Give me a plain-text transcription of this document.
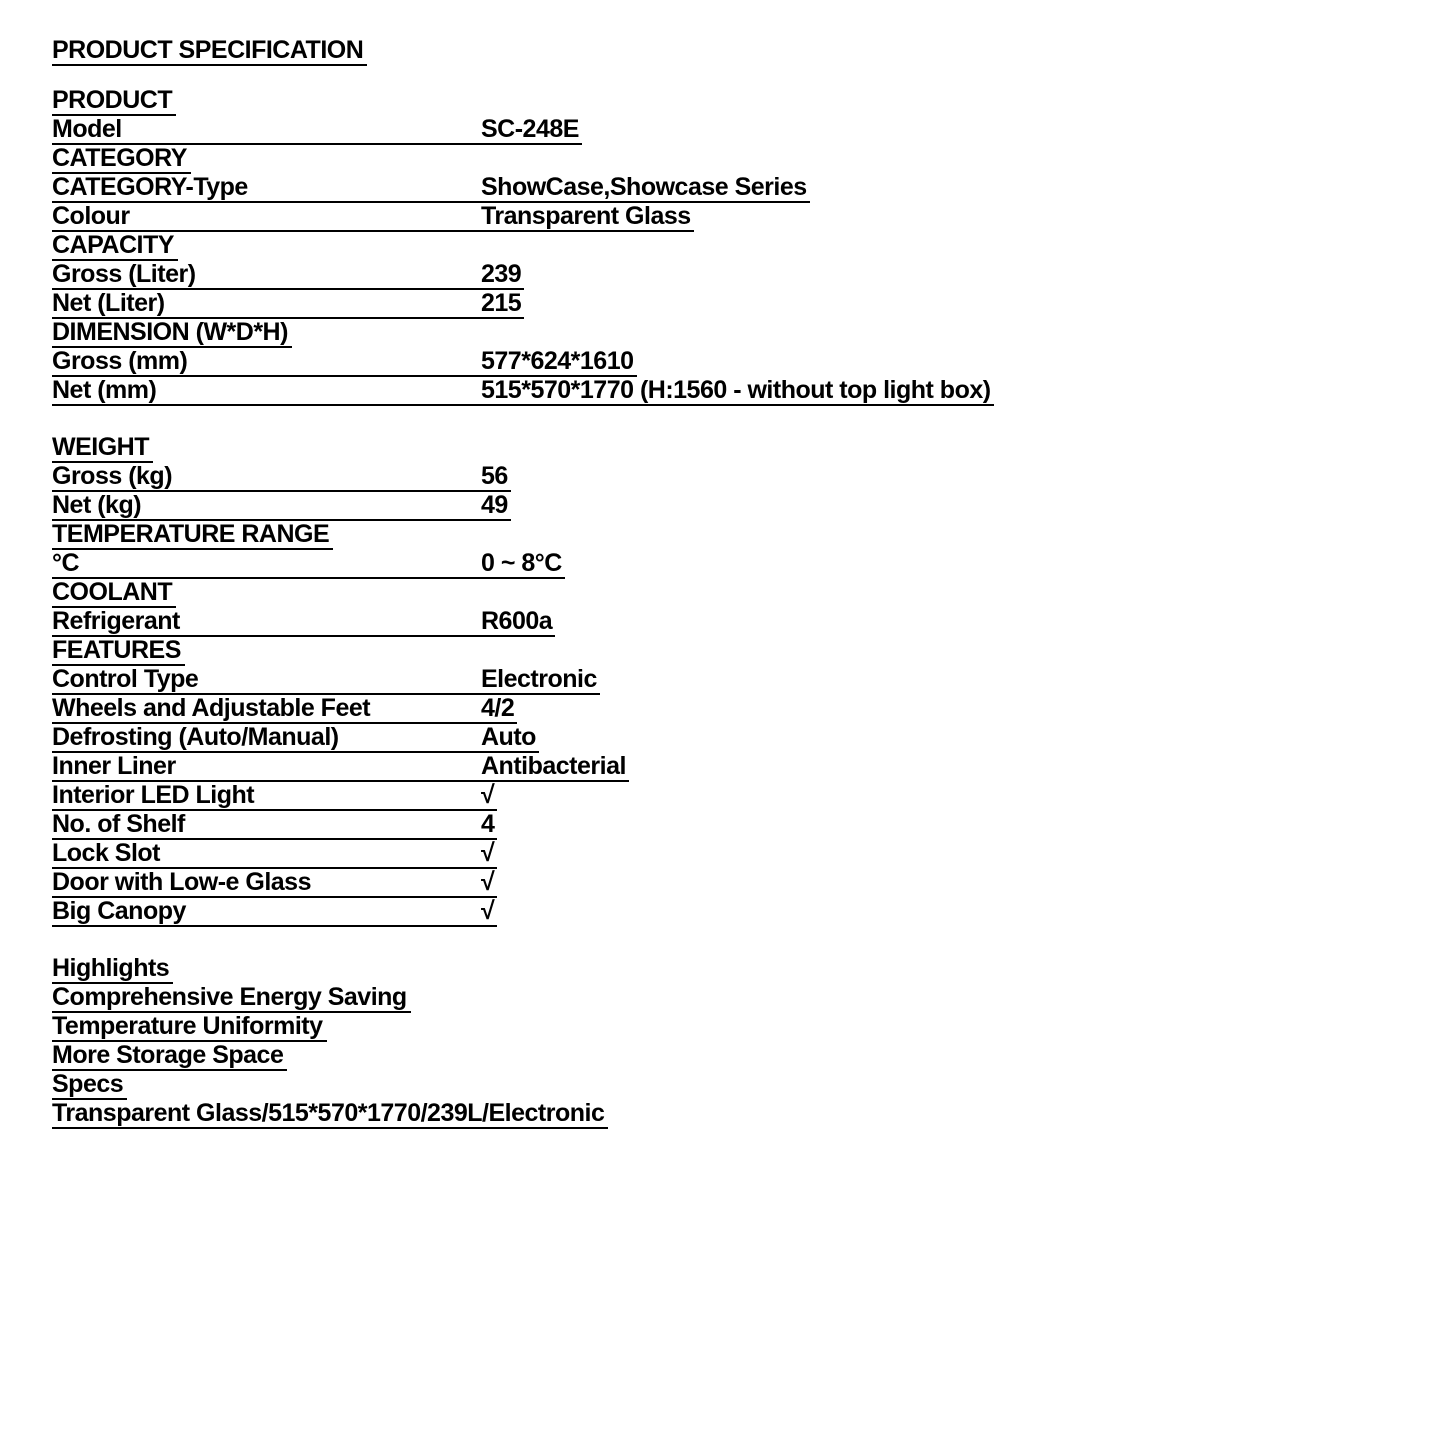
PRODUCT SPECIFICATION
PRODUCT
Model	SC-248E
CATEGORY
CATEGORY-Type	ShowCase,Showcase Series
Colour	Transparent Glass
CAPACITY
Gross (Liter)	239
Net (Liter)	215
DIMENSION (W*D*H)
Gross (mm)	577*624*1610
Net (mm)	515*570*1770 (H:1560 - without top light box)
WEIGHT
Gross (kg)	56
Net (kg)	49
TEMPERATURE RANGE
°C	0 ~ 8°C
COOLANT
Refrigerant	R600a
FEATURES
Control Type	Electronic
Wheels and Adjustable Feet	4/2
Defrosting (Auto/Manual)	Auto
Inner Liner	Antibacterial
Interior LED Light	√
No. of Shelf	4
Lock Slot	√
Door with Low-e Glass	√
Big Canopy	√
Highlights
Comprehensive Energy Saving
Temperature Uniformity
More Storage Space
Specs
Transparent Glass/515*570*1770/239L/Electronic
